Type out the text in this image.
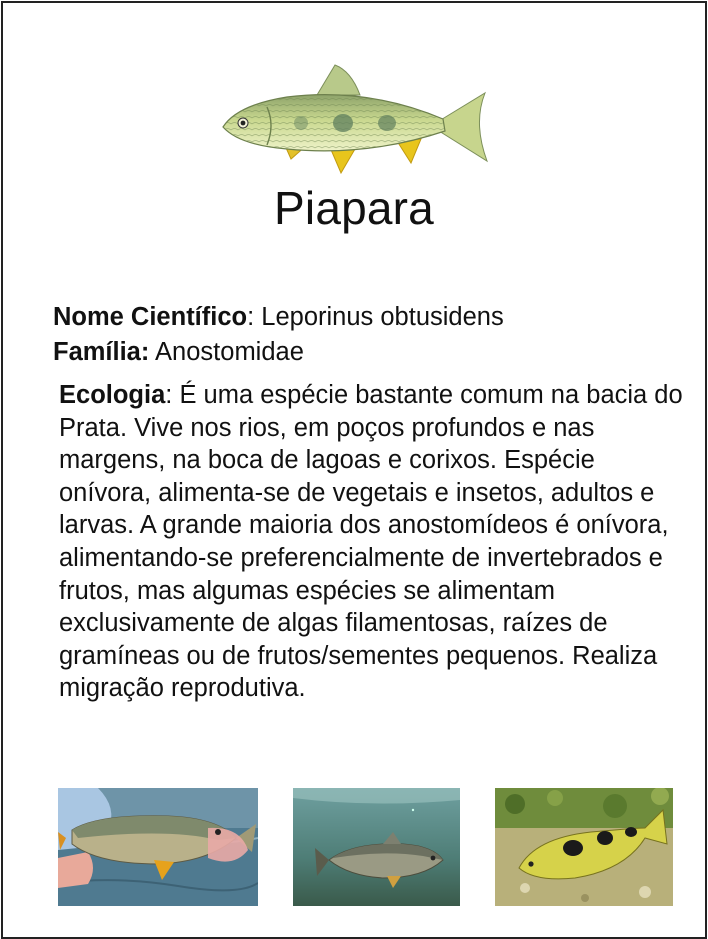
Piapara
Nome Científico: Leporinus obtusidens
Família: Anostomidae
Ecologia: É uma espécie bastante comum na bacia do Prata. Vive nos rios, em poços profundos e nas margens, na boca de lagoas e corixos. Espécie onívora, alimenta-se de vegetais e insetos, adultos e larvas. A grande maioria dos anostomídeos é onívora, alimentando-se preferencialmente de invertebrados e frutos, mas algumas espécies se alimentam exclusivamente de algas filamentosas, raízes de gramíneas ou de frutos/sementes pequenos. Realiza migração reprodutiva.
